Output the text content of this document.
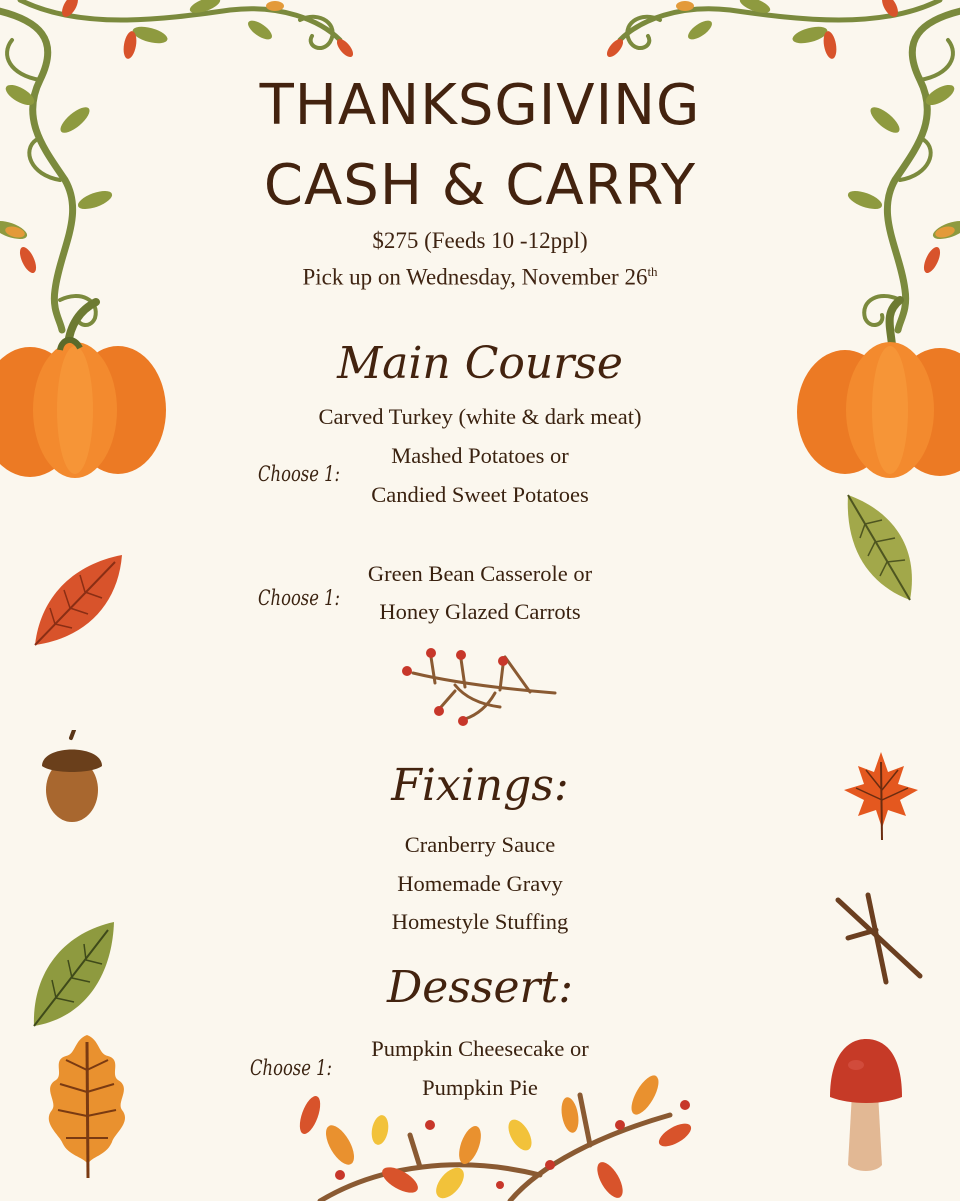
THANKSGIVING
CASH & CARRY
$275 (Feeds 10 -12ppl)
Pick up on Wednesday, November 26th
Main Course
Carved Turkey (white & dark meat)
Choose 1:
Mashed Potatoes or
Candied Sweet Potatoes
Choose 1:
Green Bean Casserole or
Honey Glazed Carrots
Fixings:
Cranberry Sauce
Homemade Gravy
Homestyle Stuffing
Dessert:
Choose 1:
Pumpkin Cheesecake or
Pumpkin Pie
